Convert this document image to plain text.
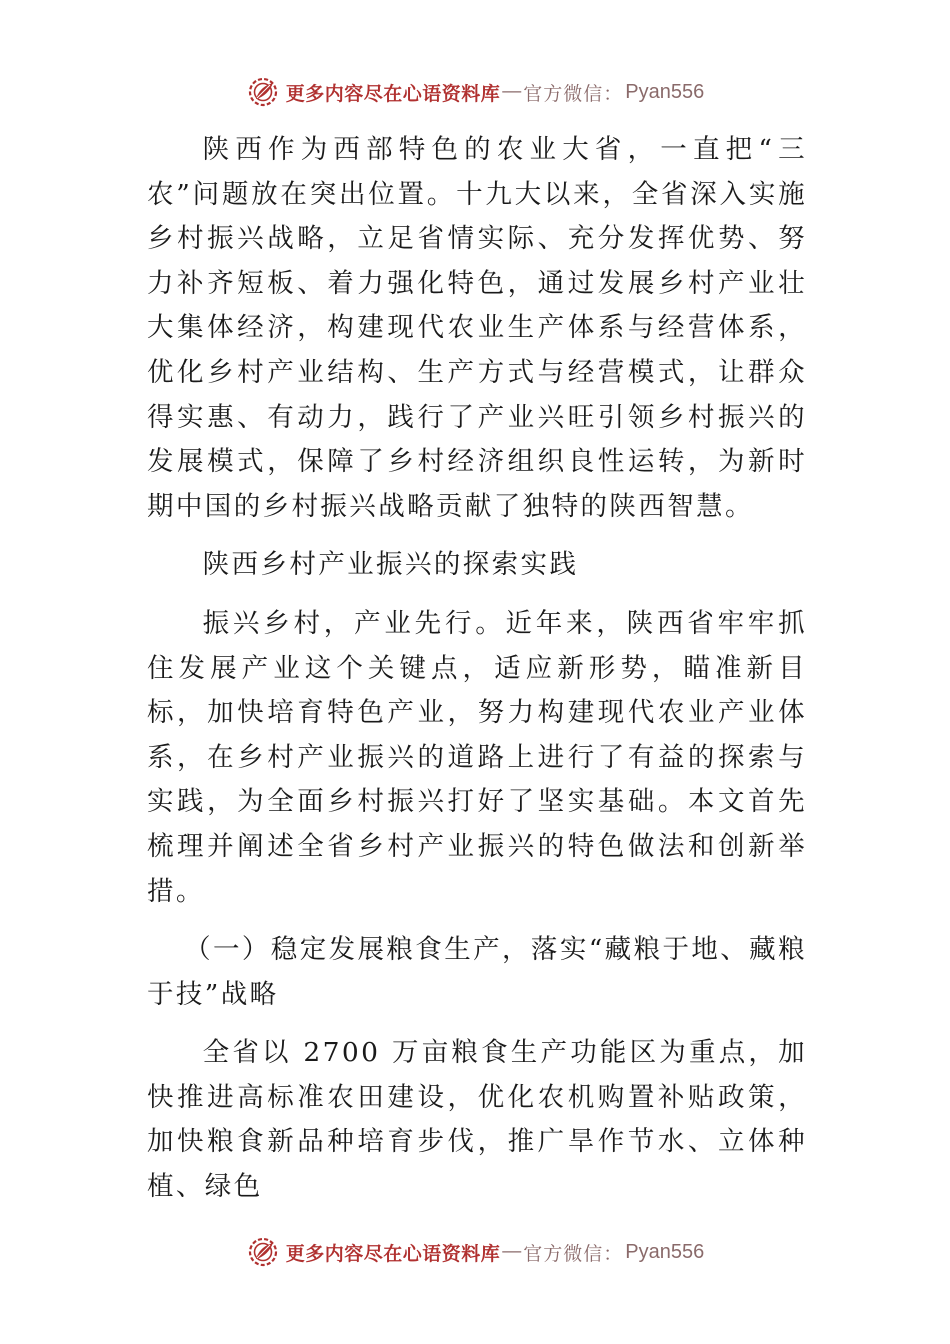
更多内容尽在心语资料库 — 官方微信： Pyan556

陕西作为西部特色的农业大省，一直把“三农”问题放在突出位置。十九大以来，全省深入实施乡村振兴战略，立足省情实际、充分发挥优势、努力补齐短板、着力强化特色，通过发展乡村产业壮大集体经济，构建现代农业生产体系与经营体系，优化乡村产业结构、生产方式与经营模式，让群众得实惠、有动力，践行了产业兴旺引领乡村振兴的发展模式，保障了乡村经济组织良性运转，为新时期中国的乡村振兴战略贡献了独特的陕西智慧。

陕西乡村产业振兴的探索实践

振兴乡村，产业先行。近年来，陕西省牢牢抓住发展产业这个关键点，适应新形势，瞄准新目标，加快培育特色产业，努力构建现代农业产业体系，在乡村产业振兴的道路上进行了有益的探索与实践，为全面乡村振兴打好了坚实基础。本文首先梳理并阐述全省乡村产业振兴的特色做法和创新举措。

（一）稳定发展粮食生产，落实“藏粮于地、藏粮于技”战略

全省以 2700 万亩粮食生产功能区为重点，加快推进高标准农田建设，优化农机购置补贴政策，加快粮食新品种培育步伐，推广旱作节水、立体种植、绿色

更多内容尽在心语资料库 — 官方微信： Pyan556
